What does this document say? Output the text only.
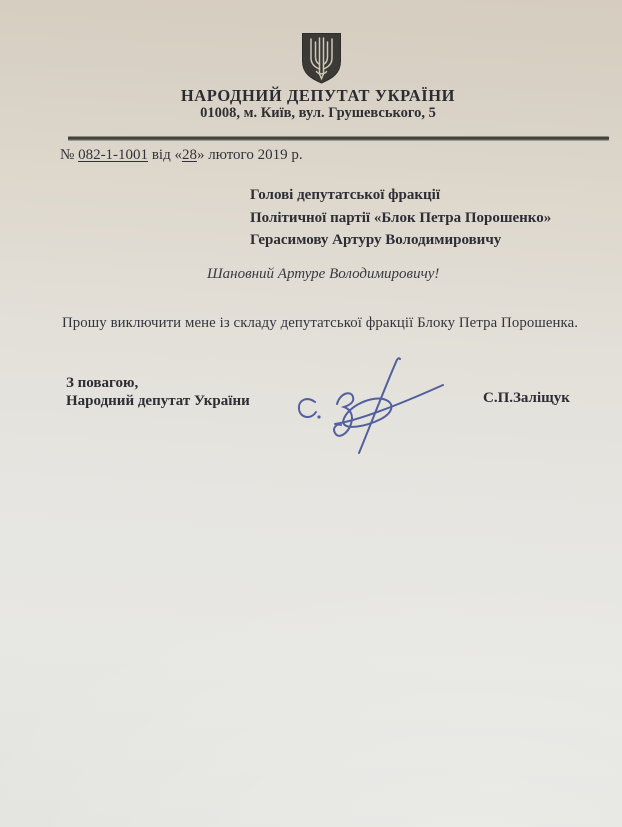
НАРОДНИЙ ДЕПУТАТ УКРАЇНИ
01008, м. Київ, вул. Грушевського, 5
№ 082-1-1001 від «28» лютого 2019 р.
Голові депутатської фракції
Політичної партії «Блок Петра Порошенко»
Герасимову Артуру Володимировичу
Шановний Артуре Володимировичу!
Прошу виключити мене із складу депутатської фракції Блоку Петра Порошенка.
З повагою,
Народний депутат України	С.П.Заліщук
